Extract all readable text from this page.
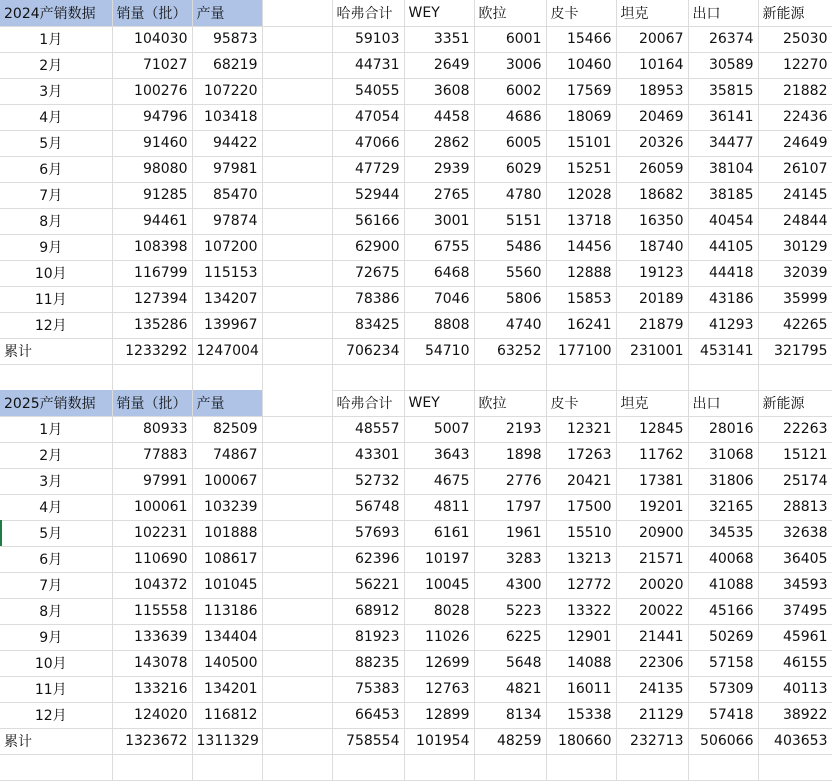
2024产销数据	销量（批）	产量		哈弗合计	WEY	欧拉	皮卡	坦克	出口	新能源
1月	104030	95873		59103	3351	6001	15466	20067	26374	25030
2月	71027	68219		44731	2649	3006	10460	10164	30589	12270
3月	100276	107220		54055	3608	6002	17569	18953	35815	21882
4月	94796	103418		47054	4458	4686	18069	20469	36141	22436
5月	91460	94422		47066	2862	6005	15101	20326	34477	24649
6月	98080	97981		47729	2939	6029	15251	26059	38104	26107
7月	91285	85470		52944	2765	4780	12028	18682	38185	24145
8月	94461	97874		56166	3001	5151	13718	16350	40454	24844
9月	108398	107200		62900	6755	5486	14456	18740	44105	30129
10月	116799	115153		72675	6468	5560	12888	19123	44418	32039
11月	127394	134207		78386	7046	5806	15853	20189	43186	35999
12月	135286	139967		83425	8808	4740	16241	21879	41293	42265
累计	1233292	1247004		706234	54710	63252	177100	231001	453141	321795

2025产销数据	销量（批）	产量		哈弗合计	WEY	欧拉	皮卡	坦克	出口	新能源
1月	80933	82509		48557	5007	2193	12321	12845	28016	22263
2月	77883	74867		43301	3643	1898	17263	11762	31068	15121
3月	97991	100067		52732	4675	2776	20421	17381	31806	25174
4月	100061	103239		56748	4811	1797	17500	19201	32165	28813
5月	102231	101888		57693	6161	1961	15510	20900	34535	32638
6月	110690	108617		62396	10197	3283	13213	21571	40068	36405
7月	104372	101045		56221	10045	4300	12772	20020	41088	34593
8月	115558	113186		68912	8028	5223	13322	20022	45166	37495
9月	133639	134404		81923	11026	6225	12901	21441	50269	45961
10月	143078	140500		88235	12699	5648	14088	22306	57158	46155
11月	133216	134201		75383	12763	4821	16011	24135	57309	40113
12月	124020	116812		66453	12899	8134	15338	21129	57418	38922
累计	1323672	1311329		758554	101954	48259	180660	232713	506066	403653
